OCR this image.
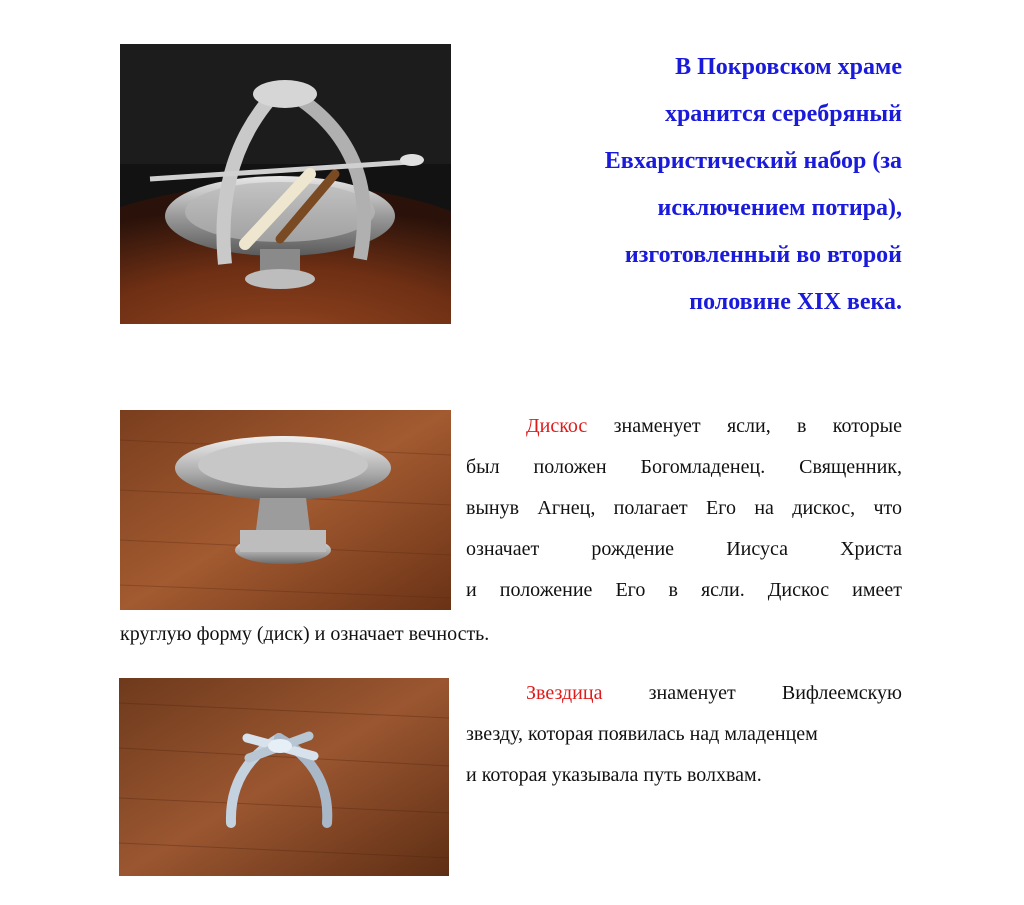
В Покровском храме
хранится серебряный
Евхаристический набор (за
исключением потира),
изготовленный во второй
половине XIX века.
Дискос знаменует ясли, в которые
был положен Богомладенец. Священник,
вынув Агнец, полагает Его на дискос, что
означает рождение Иисуса Христа
и положение Его в ясли. Дискос имеет
круглую форму (диск) и означает вечность.
Звездица знаменует Вифлеемскую
звезду, которая появилась над младенцем
и которая указывала путь волхвам.
